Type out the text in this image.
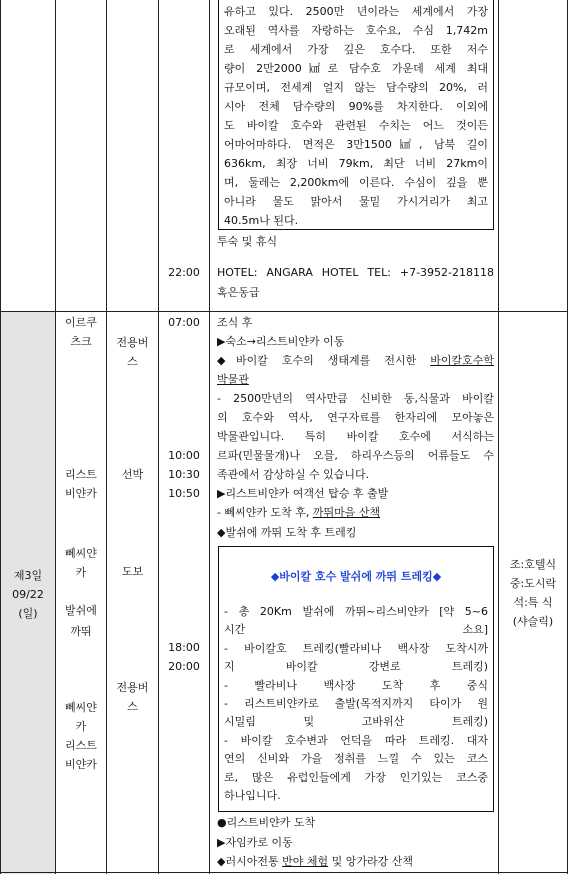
유하고 있다. 2500만 년이라는 세계에서 가장
오래된 역사를 자랑하는 호수요, 수심 1,742m
로 세계에서 가장 깊은 호수다. 또한 저수
량이 2만2000㎢로 담수호 가운데 세계 최대
규모이며, 전세계 얼지 않는 담수량의 20%, 러
시아 전체 담수량의 90%를 차지한다. 이외에
도 바이칼 호수와 관련된 수치는 어느 것이든
어마어마하다. 면적은 3만1500㎢, 남북 길이
636km, 최장 너비 79km, 최단 너비 27km이
며, 둘레는 2,200km에 이른다. 수심이 깊을 뿐
아니라 물도 맑아서 물밑 가시거리가 최고
40.5m나 된다.
투숙 및 휴식
22:00	HOTEL: ANGARA HOTEL TEL: +7-3952-218118
혹은동급
제3일
09/22
(일)
이르쿠
츠크
리스트
비얀카
뻬씨얀
카
발쉬에
까뛰
뻬씨얀
카
리스트
비얀카
전용버
스
선박
도보
전용버
스
07:00
10:00
10:30
10:50
18:00
20:00
조식 후
▶숙소→리스트비얀카 이동
◆바이칼 호수의 생태계를 전시한 바이칼호수학
박물관
- 2500만년의 역사만큼 신비한 동,식물과 바이칼
의 호수와 역사, 연구자료를 한자리에 모아놓은
박물관입니다. 특히 바이칼 호수에 서식하는
르파(민물물개)나 오믈, 하리우스등의 어류들도 수
족관에서 감상하실 수 있습니다.
▶리스트비얀카 여객선 탑승 후 출발
- 뻬씨얀카 도착 후, 까뛰마을 산책
◆발쉬에 까뛰 도착 후 트레킹
◆바이칼 호수 발쉬에 까뛰 트레킹◆
- 총 20Km 발쉬에 까뛰~리스비얀카 [약 5~6
시간 소요]
- 바이칼호 트레킹(빨라비나 백사장 도착시까
지 바이칼 강변로 트레킹)
- 빨라비나 백사장 도착 후 중식
- 리스트비얀카로 출발(목적지까지 타이가 원
시밀림 및 고바위산 트레킹)
- 바이칼 호수변과 언덕을 따라 트레킹. 대자
연의 신비와 가을 정취를 느낄 수 있는 코스
로, 많은 유럽인들에게 가장 인기있는 코스중
하나입니다.
●리스트비얀카 도착
▶자임카로 이동
◆러시아전통 반야 체험 및 앙가라강 산책
조:호텔식
중:도시락
석:특 식
(샤슬릭)
